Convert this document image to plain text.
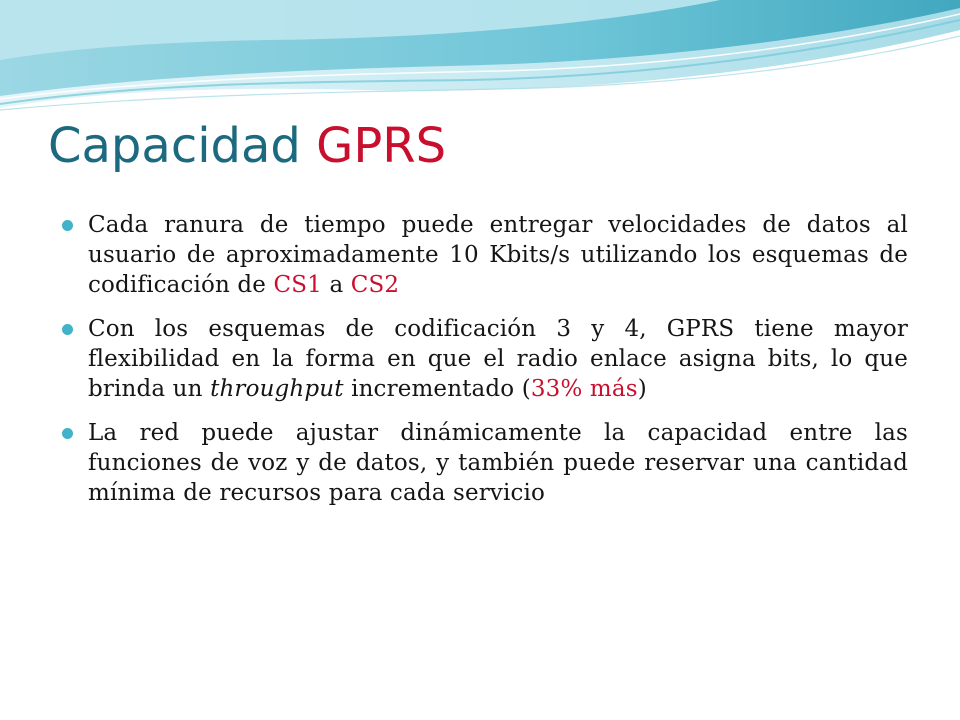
Capacidad GPRS
Cada ranura de tiempo puede entregar velocidades de datos al usuario de aproximadamente 10 Kbits/s utilizando los esquemas de codificación de CS1 a CS2
Con los esquemas de codificación 3 y 4, GPRS tiene mayor flexibilidad en la forma en que el radio enlace asigna bits, lo que brinda un throughput incrementado (33% más)
La red puede ajustar dinámicamente la capacidad entre las funciones de voz y de datos, y también puede reservar una cantidad mínima de recursos para cada servicio
